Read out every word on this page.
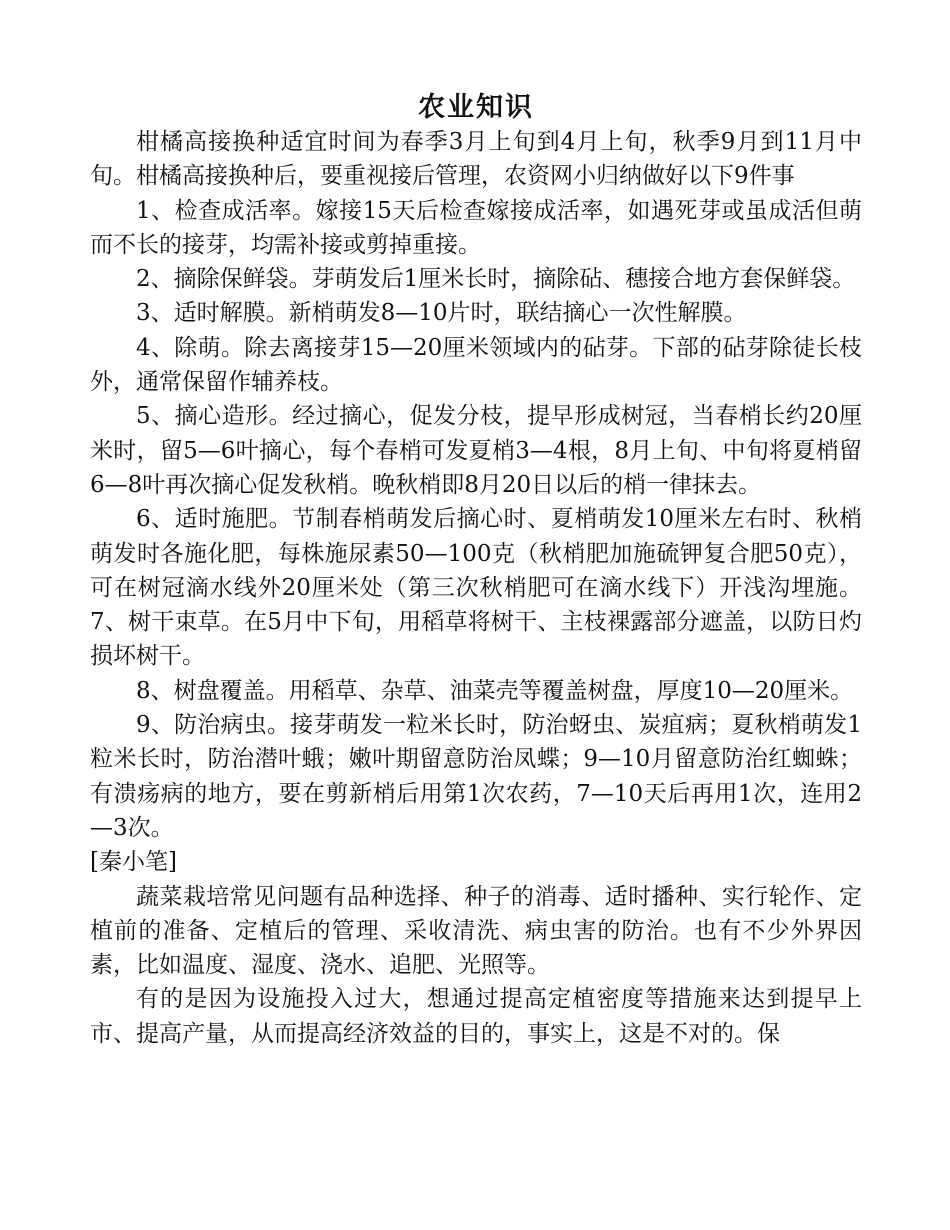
农业知识

柑橘高接换种适宜时间为春季3月上旬到4月上旬，秋季9月到11月中旬。柑橘高接换种后，要重视接后管理，农资网小归纳做好以下9件事

1、检查成活率。嫁接15天后检查嫁接成活率，如遇死芽或虽成活但萌而不长的接芽，均需补接或剪掉重接。

2、摘除保鲜袋。芽萌发后1厘米长时，摘除砧、穗接合地方套保鲜袋。

3、适时解膜。新梢萌发8—10片时，联结摘心一次性解膜。

4、除萌。除去离接芽15—20厘米领域内的砧芽。下部的砧芽除徒长枝外，通常保留作辅养枝。

5、摘心造形。经过摘心，促发分枝，提早形成树冠，当春梢长约20厘米时，留5—6叶摘心，每个春梢可发夏梢3—4根，8月上旬、中旬将夏梢留6—8叶再次摘心促发秋梢。晚秋梢即8月20日以后的梢一律抹去。

6、适时施肥。节制春梢萌发后摘心时、夏梢萌发10厘米左右时、秋梢萌发时各施化肥，每株施尿素50—100克（秋梢肥加施硫钾复合肥50克），可在树冠滴水线外20厘米处（第三次秋梢肥可在滴水线下）开浅沟埋施。7、树干束草。在5月中下旬，用稻草将树干、主枝裸露部分遮盖，以防日灼损坏树干。

8、树盘覆盖。用稻草、杂草、油菜壳等覆盖树盘，厚度10—20厘米。

9、防治病虫。接芽萌发一粒米长时，防治蚜虫、炭疽病；夏秋梢萌发1粒米长时，防治潜叶蛾；嫩叶期留意防治凤蝶；9—10月留意防治红蜘蛛；有溃疡病的地方，要在剪新梢后用第1次农药，7—10天后再用1次，连用2—3次。

[秦小笔]

蔬菜栽培常见问题有品种选择、种子的消毒、适时播种、实行轮作、定植前的准备、定植后的管理、采收清洗、病虫害的防治。也有不少外界因素，比如温度、湿度、浇水、追肥、光照等。

有的是因为设施投入过大，想通过提高定植密度等措施来达到提早上市、提高产量，从而提高经济效益的目的，事实上，这是不对的。保
